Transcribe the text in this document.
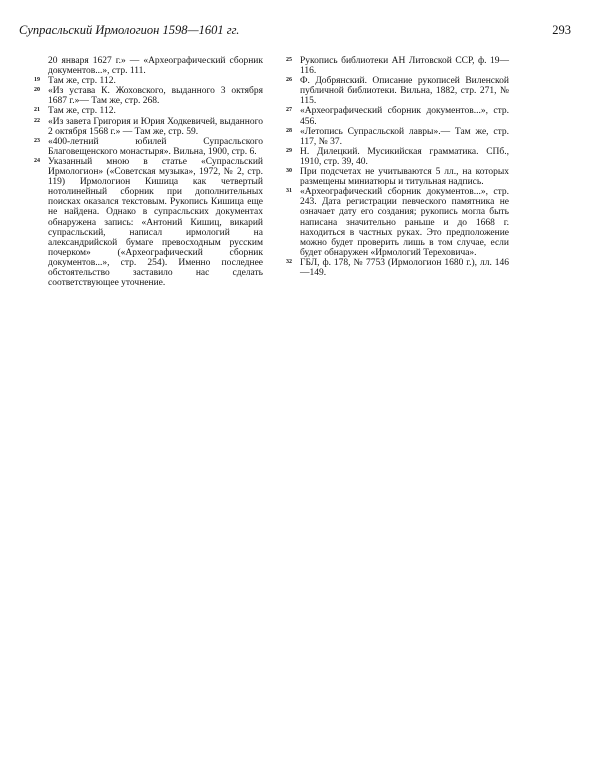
Супрасльский Ирмологион 1598—1601 гг.	293

20 января 1627 г.» — «Археографический сборник документов...», стр. 111.

19 Там же, стр. 112.

20 «Из устава К. Жоховского, выданного 3 октября 1687 г.»— Там же, стр. 268.

21 Там же, стр. 112.

22 «Из завета Григория и Юрия Ходкевичей, выданного 2 октября 1568 г.» — Там же, стр. 59.

23 «400-летний юбилей Супрасльского Благовещенского монастыря». Вильна, 1900, стр. 6.

24 Указанный мною в статье «Супрасльский Ирмологион» («Советская музыка», 1972, № 2, стр. 119) Ирмологион Кишица как четвертый нотолинейный сборник при дополнительных поисках оказался текстовым. Рукопись Кишица еще не найдена. Однако в супрасльских документах обнаружена запись: «Антоний Кишиц, викарий супрасльский, написал ирмологий на александрийской бумаге превосходным русским почерком» («Археографический сборник документов...», стр. 254). Именно последнее обстоятельство заставило нас сделать соответствующее уточнение.

25 Рукопись библиотеки АН Литовской ССР, ф. 19—116.

26 Ф. Добрянский. Описание рукописей Виленской публичной библиотеки. Вильна, 1882, стр. 271, № 115.

27 «Археографический сборник документов...», стр. 456.

28 «Летопись Супрасльской лавры».— Там же, стр. 117, № 37.

29 Н. Дилецкий. Мусикийская грамматика. СПб., 1910, стр. 39, 40.

30 При подсчетах не учитываются 5 лл., на которых размещены миниатюры и титульная надпись.

31 «Археографический сборник документов...», стр. 243. Дата регистрации певческого памятника не означает дату его создания; рукопись могла быть написана значительно раньше и до 1668 г. находиться в частных руках. Это предположение можно будет проверить лишь в том случае, если будет обнаружен «Ирмологий Тереховича».

32 ГБЛ, ф. 178, № 7753 (Ирмологион 1680 г.), лл. 146—149.
